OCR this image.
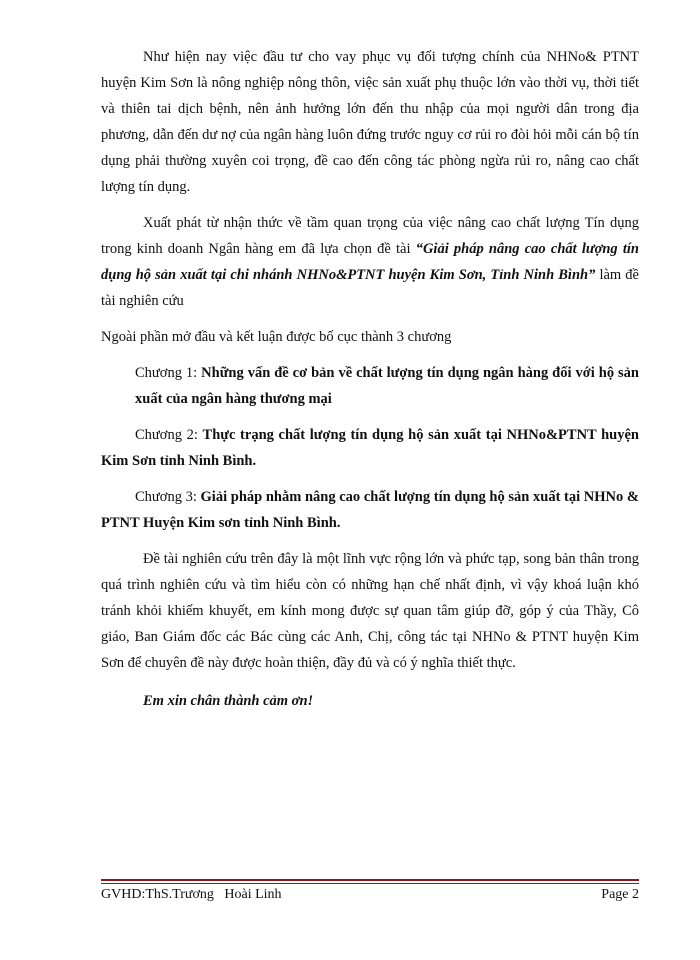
Như hiện nay việc đầu tư cho vay phục vụ đối tượng chính của NHNo& PTNT huyện Kim Sơn là nông nghiệp nông thôn, việc sản xuất phụ thuộc lớn vào thời vụ, thời tiết và thiên tai dịch bệnh, nên ảnh hưởng lớn đến thu nhập của mọi người dân trong địa phương, dẫn đến dư nợ của ngân hàng luôn đứng trước nguy cơ rủi ro đòi hỏi mỗi cán bộ tín dụng phải thường xuyên coi trọng, đề cao đến công tác phòng ngừa rủi ro, nâng cao chất lượng tín dụng.

Xuất phát từ nhận thức về tầm quan trọng của việc nâng cao chất lượng Tín dụng trong kinh doanh Ngân hàng em đã lựa chọn đề tài “Giải pháp nâng cao chất lượng tín dụng hộ sản xuất tại chi nhánh NHNo&PTNT huyện Kim Sơn, Tỉnh Ninh Bình” làm đề tài nghiên cứu

Ngoài phần mở đầu và kết luận được bố cục thành 3 chương

Chương 1: Những vấn đề cơ bản về chất lượng tín dụng ngân hàng đối với hộ sản xuất của ngân hàng thương mại

Chương 2: Thực trạng chất lượng tín dụng hộ sản xuất tại NHNo&PTNT huyện Kim Sơn tỉnh Ninh Bình.

Chương 3: Giải pháp nhằm nâng cao chất lượng tín dụng hộ sản xuất tại NHNo & PTNT Huyện Kim sơn tỉnh Ninh Bình.

Đề tài nghiên cứu trên đây là một lĩnh vực rộng lớn và phức tạp, song bản thân trong quá trình nghiên cứu và tìm hiểu còn có những hạn chế nhất định, vì vậy khoá luận khó tránh khỏi khiếm khuyết, em kính mong được sự quan tâm giúp đỡ, góp ý của Thầy, Cô giáo, Ban Giám đốc các Bác cùng các Anh, Chị, công tác tại NHNo & PTNT huyện Kim Sơn để chuyên đề này được hoàn thiện, đầy đủ và có ý nghĩa thiết thực.

Em xin chân thành cảm ơn!

GVHD:ThS.Trương   Hoài Linh	Page 2
